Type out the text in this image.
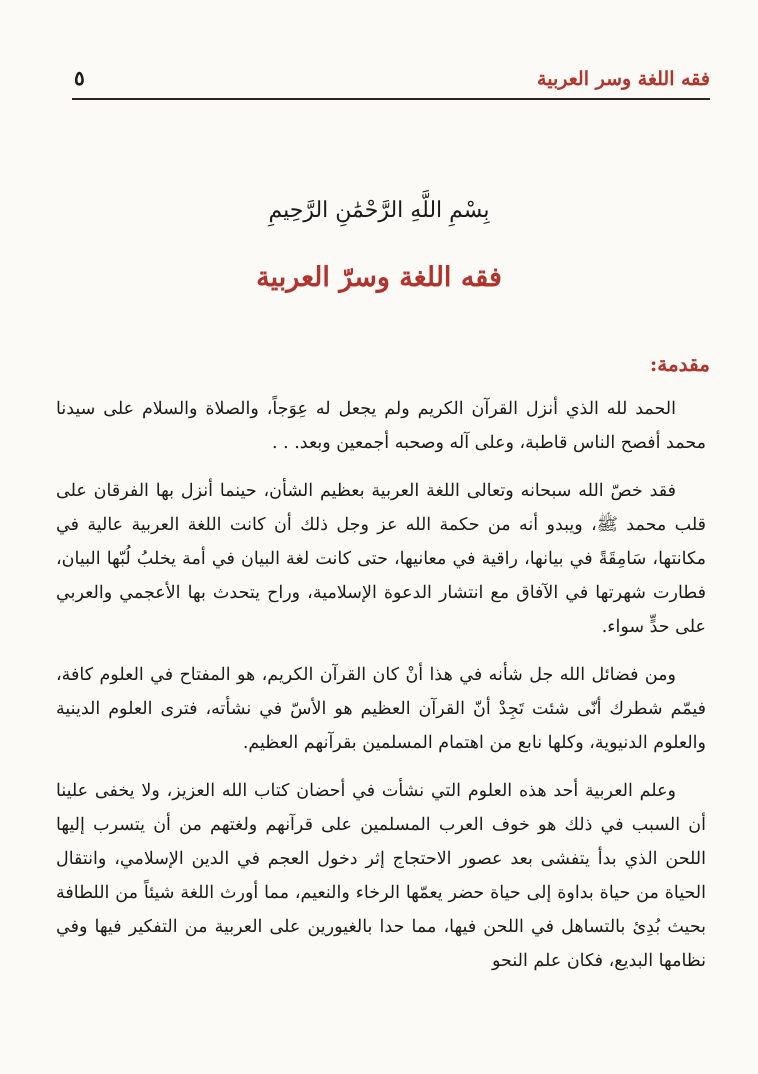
فقه اللغة وسر العربية
٥
بِسْمِ اللَّهِ الرَّحْمَٰنِ الرَّحِيمِ
فقه اللغة وسرّ العربية
مقدمة:

الحمد لله الذي أنزل القرآن الكريم ولم يجعل له عِوَجاً، والصلاة والسلام على سيدنا محمد أفصح الناس قاطبة، وعلى آله وصحبه أجمعين وبعد. . .

فقد خصّ الله سبحانه وتعالى اللغة العربية بعظيم الشأن، حينما أنزل بها الفرقان على قلب محمد ﷺ، ويبدو أنه من حكمة الله عز وجل ذلك أن كانت اللغة العربية عالية في مكانتها، سَامِقَةً في بيانها، راقية في معانيها، حتى كانت لغة البيان في أمة يخلبُ لُبّها البيان، فطارت شهرتها في الآفاق مع انتشار الدعوة الإسلامية، وراح يتحدث بها الأعجمي والعربي على حدٍّ سواء.

ومن فضائل الله جل شأنه في هذا أنْ كان القرآن الكريم، هو المفتاح في العلوم كافة، فيمّم شطرك أنّى شئت تَجِدْ أنّ القرآن العظيم هو الأسّ في نشأته، فترى العلوم الدينية والعلوم الدنيوية، وكلها نابع من اهتمام المسلمين بقرآنهم العظيم.

وعلم العربية أحد هذه العلوم التي نشأت في أحضان كتاب الله العزيز، ولا يخفى علينا أن السبب في ذلك هو خوف العرب المسلمين على قرآنهم ولغتهم من أن يتسرب إليها اللحن الذي بدأ يتفشى بعد عصور الاحتجاج إثر دخول العجم في الدين الإسلامي، وانتقال الحياة من حياة بداوة إلى حياة حضر يعمّها الرخاء والنعيم، مما أورث اللغة شيئاً من اللطافة بحيث بُدِئ بالتساهل في اللحن فيها، مما حدا بالغيورين على العربية من التفكير فيها وفي نظامها البديع، فكان علم النحو
